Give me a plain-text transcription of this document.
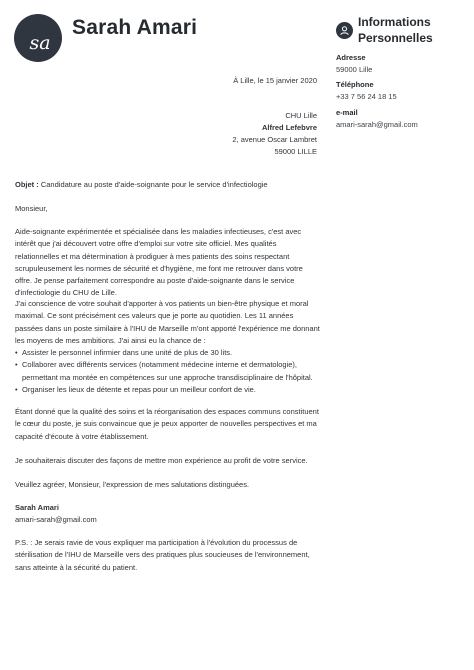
sa
Sarah Amari	Informations Personnelles
Adresse
59000 Lille
Téléphone
+33 7 56 24 18 15
e-mail
amari-sarah@gmail.com
À Lille, le 15 janvier 2020
CHU Lille
Alfred Lefebvre
2, avenue Oscar Lambret
59000 LILLE
Objet : Candidature au poste d'aide-soignante pour le service d'infectiologie
Monsieur,
Aide-soignante expérimentée et spécialisée dans les maladies infectieuses, c'est avec intérêt que j'ai découvert votre offre d'emploi sur votre site officiel. Mes qualités relationnelles et ma détermination à prodiguer à mes patients des soins respectant scrupuleusement les normes de sécurité et d'hygiène, me font me retrouver dans votre offre. Je pense parfaitement correspondre au poste d'aide-soignante dans le service d'infectiologie du CHU de Lille.
J'ai conscience de votre souhait d'apporter à vos patients un bien-être physique et moral maximal. Ce sont précisément ces valeurs que je porte au quotidien. Les 11 années passées dans un poste similaire à l'IHU de Marseille m'ont apporté l'expérience me donnant les moyens de mes ambitions. J'ai ainsi eu la chance de :
• Assister le personnel infirmier dans une unité de plus de 30 lits.
• Collaborer avec différents services (notamment médecine interne et dermatologie), permettant ma montée en compétences sur une approche transdisciplinaire de l'hôpital.
• Organiser les lieux de détente et repas pour un meilleur confort de vie.
Étant donné que la qualité des soins et la réorganisation des espaces communs constituent le cœur du poste, je suis convaincue que je peux apporter de nouvelles perspectives et ma capacité d'écoute à votre établissement.
Je souhaiterais discuter des façons de mettre mon expérience au profit de votre service.
Veuillez agréer, Monsieur, l'expression de mes salutations distinguées.
Sarah Amari
amari-sarah@gmail.com
P.S. : Je serais ravie de vous expliquer ma participation à l'évolution du processus de stérilisation de l'IHU de Marseille vers des pratiques plus soucieuses de l'environnement, sans atteinte à la sécurité du patient.
